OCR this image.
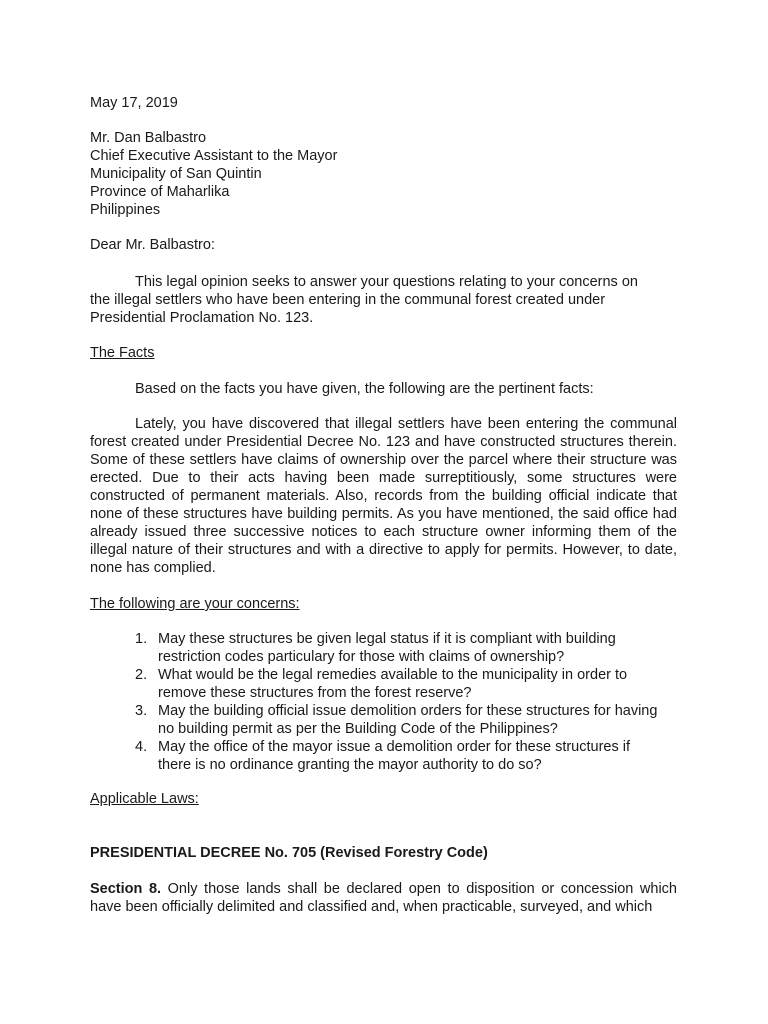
May 17, 2019
Mr. Dan Balbastro
Chief Executive Assistant to the Mayor
Municipality of San Quintin
Province of Maharlika
Philippines
Dear Mr. Balbastro:
This legal opinion seeks to answer your questions relating to your concerns on
the illegal settlers who have been entering in the communal forest created under
Presidential Proclamation No. 123.
The Facts
Based on the facts you have given, the following are the pertinent facts:
Lately, you have discovered that illegal settlers have been entering the communal forest created under Presidential Decree No. 123 and have constructed structures therein. Some of these settlers have claims of ownership over the parcel where their structure was erected. Due to their acts having been made surreptitiously, some structures were constructed of permanent materials. Also, records from the building official indicate that none of these structures have building permits. As you have mentioned, the said office had already issued three successive notices to each structure owner informing them of the illegal nature of their structures and with a directive to apply for permits. However, to date, none has complied.
The following are your concerns:
1. May these structures be given legal status if it is compliant with building
restriction codes particulary for those with claims of ownership?
2. What would be the legal remedies available to the municipality in order to
remove these structures from the forest reserve?
3. May the building official issue demolition orders for these structures for having
no building permit as per the Building Code of the Philippines?
4. May the office of the mayor issue a demolition order for these structures if
there is no ordinance granting the mayor authority to do so?
Applicable Laws:
PRESIDENTIAL DECREE No. 705 (Revised Forestry Code)
Section 8. Only those lands shall be declared open to disposition or concession which have been officially delimited and classified and, when practicable, surveyed, and which
